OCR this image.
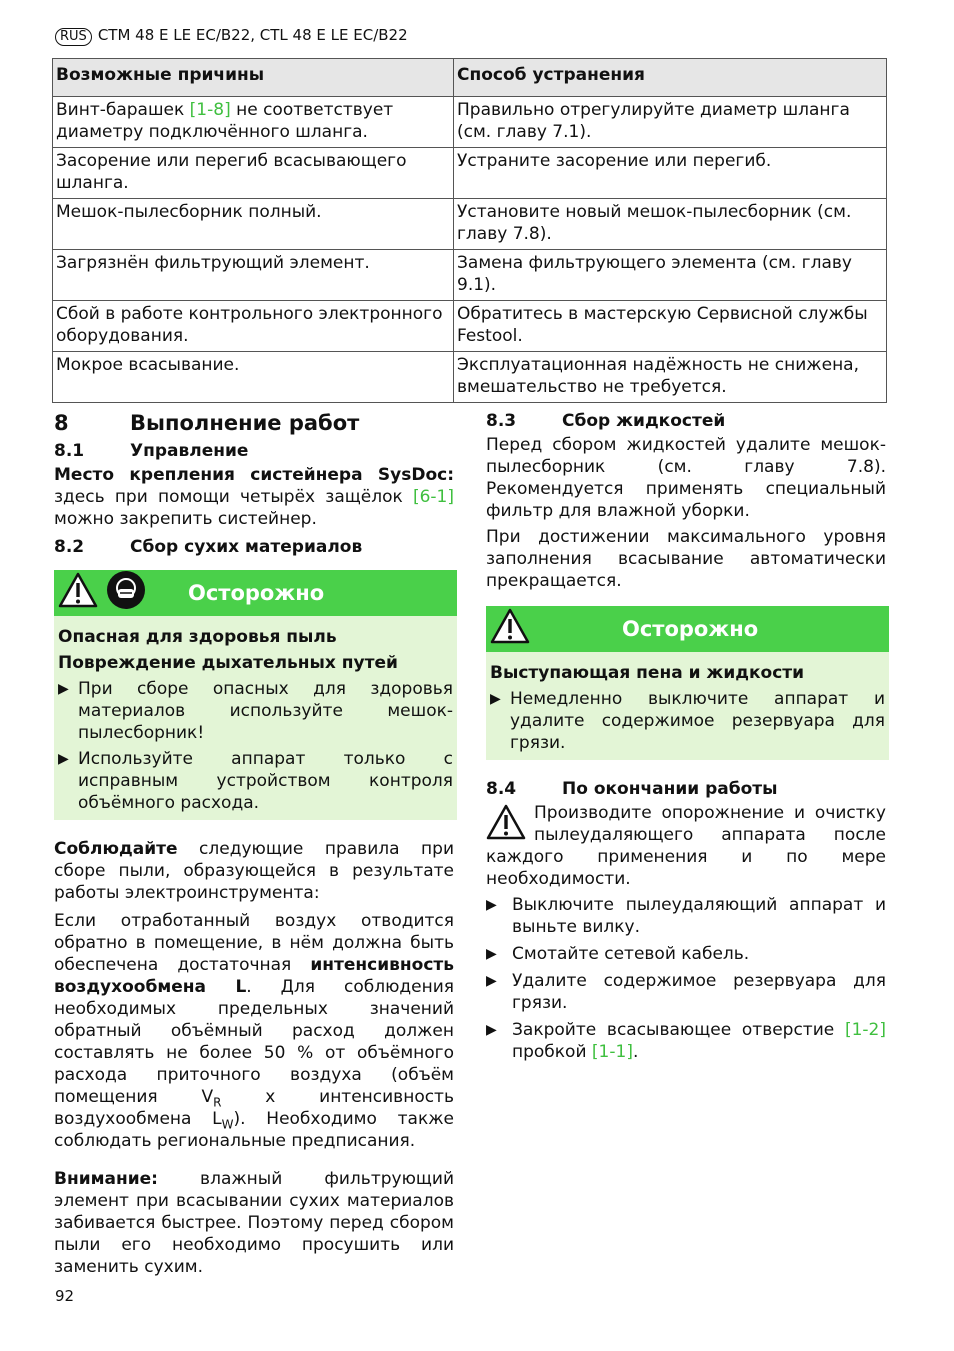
RUS CTM 48 E LE EC/B22, CTL 48 E LE EC/B22
Возможные причины	Способ устранения
Винт-барашек [1-8] не соответствует диаметру подключённого шланга.	Правильно отрегулируйте диаметр шланга (см. главу 7.1).
Засорение или перегиб всасывающего шланга.	Устраните засорение или перегиб.
Мешок-пылесборник полный.	Установите новый мешок-пылесборник (см. главу 7.8).
Загрязнён фильтрующий элемент.	Замена фильтрующего элемента (см. главу 9.1).
Сбой в работе контрольного электронного оборудования.	Обратитесь в мастерскую Сервисной службы Festool.
Мокрое всасывание.	Эксплуатационная надёжность не снижена, вмешательство не требуется.
8	Выполнение работ
8.1	Управление

Место крепления систейнера SysDoc: здесь при помощи четырёх защёлок [6-1] можно закрепить систейнер.

8.2	Сбор сухих материалов
Осторожно
Опасная для здоровья пыль
Повреждение дыхательных путей
▶ При сборе опасных для здоровья материалов используйте мешок-пылесборник!
▶ Используйте аппарат только с исправным устройством контроля объёмного расхода.

Соблюдайте следующие правила при сборе пыли, образующейся в результате работы электроинструмента:

Если отработанный воздух отводится обратно в помещение, в нём должна быть обеспечена достаточная интенсивность воздухообмена L. Для соблюдения необходимых предельных значений обратный объёмный расход должен составлять не более 50 % от объёмного расхода приточного воздуха (объём помещения $V_R$ x интенсивность воздухообмена $L_W$). Необходимо также соблюдать региональные предписания.

Внимание: влажный фильтрующий элемент при всасывании сухих материалов забивается быстрее. Поэтому перед сбором пыли его необходимо просушить или заменить сухим.

8.3	Сбор жидкостей

Перед сбором жидкостей удалите мешок-пылесборник (см. главу 7.8). Рекомендуется применять специальный фильтр для влажной уборки.

При достижении максимального уровня заполнения всасывание автоматически прекращается.

Осторожно
Выступающая пена и жидкости
▶ Немедленно выключите аппарат и удалите содержимое резервуара для грязи.
8.4	По окончании работы

Производите опорожнение и очистку пылеудаляющего аппарата после каждого применения и по мере необходимости.

▶ Выключите пылеудаляющий аппарат и выньте вилку.
▶ Смотайте сетевой кабель.
▶ Удалите содержимое резервуара для грязи.
▶ Закройте всасывающее отверстие [1-2] пробкой [1-1].
92
